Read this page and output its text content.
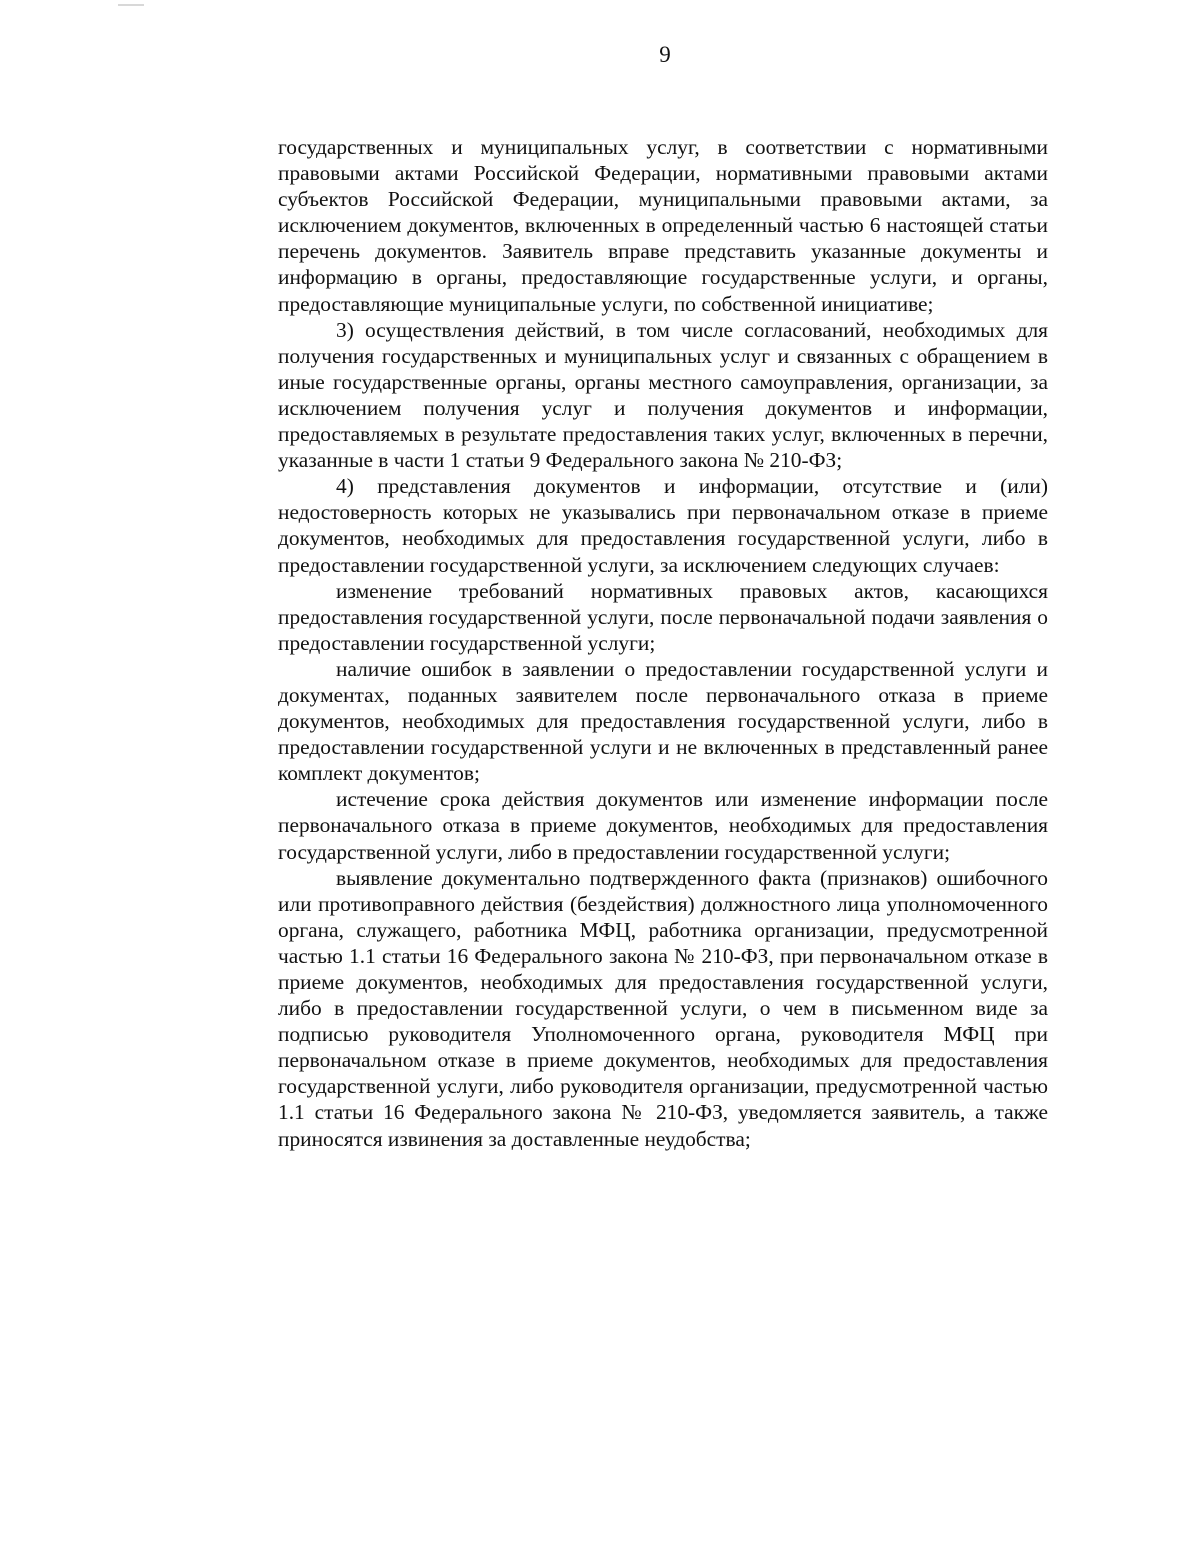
9

государственных и муниципальных услуг, в соответствии с нормативными правовыми актами Российской Федерации, нормативными правовыми актами субъектов Российской Федерации, муниципальными правовыми актами, за исключением документов, включенных в определенный частью 6 настоящей статьи перечень документов. Заявитель вправе представить указанные документы и информацию в органы, предоставляющие государственные услуги, и органы, предоставляющие муниципальные услуги, по собственной инициативе;

3) осуществления действий, в том числе согласований, необходимых для получения государственных и муниципальных услуг и связанных с обращением в иные государственные органы, органы местного самоуправления, организации, за исключением получения услуг и получения документов и информации, предоставляемых в результате предоставления таких услуг, включенных в перечни, указанные в части 1 статьи 9 Федерального закона № 210-ФЗ;

4) представления документов и информации, отсутствие и (или) недостоверность которых не указывались при первоначальном отказе в приеме документов, необходимых для предоставления государственной услуги, либо в предоставлении государственной услуги, за исключением следующих случаев:

изменение требований нормативных правовых актов, касающихся предоставления государственной услуги, после первоначальной подачи заявления о предоставлении государственной услуги;

наличие ошибок в заявлении о предоставлении государственной услуги и документах, поданных заявителем после первоначального отказа в приеме документов, необходимых для предоставления государственной услуги, либо в предоставлении государственной услуги и не включенных в представленный ранее комплект документов;

истечение срока действия документов или изменение информации после первоначального отказа в приеме документов, необходимых для предоставления государственной услуги, либо в предоставлении государственной услуги;

выявление документально подтвержденного факта (признаков) ошибочного или противоправного действия (бездействия) должностного лица уполномоченного органа, служащего, работника МФЦ, работника организации, предусмотренной частью 1.1 статьи 16 Федерального закона № 210-ФЗ, при первоначальном отказе в приеме документов, необходимых для предоставления государственной услуги, либо в предоставлении государственной услуги, о чем в письменном виде за подписью руководителя Уполномоченного органа, руководителя МФЦ при первоначальном отказе в приеме документов, необходимых для предоставления государственной услуги, либо руководителя организации, предусмотренной частью 1.1 статьи 16 Федерального закона № 210-ФЗ, уведомляется заявитель, а также приносятся извинения за доставленные неудобства;
